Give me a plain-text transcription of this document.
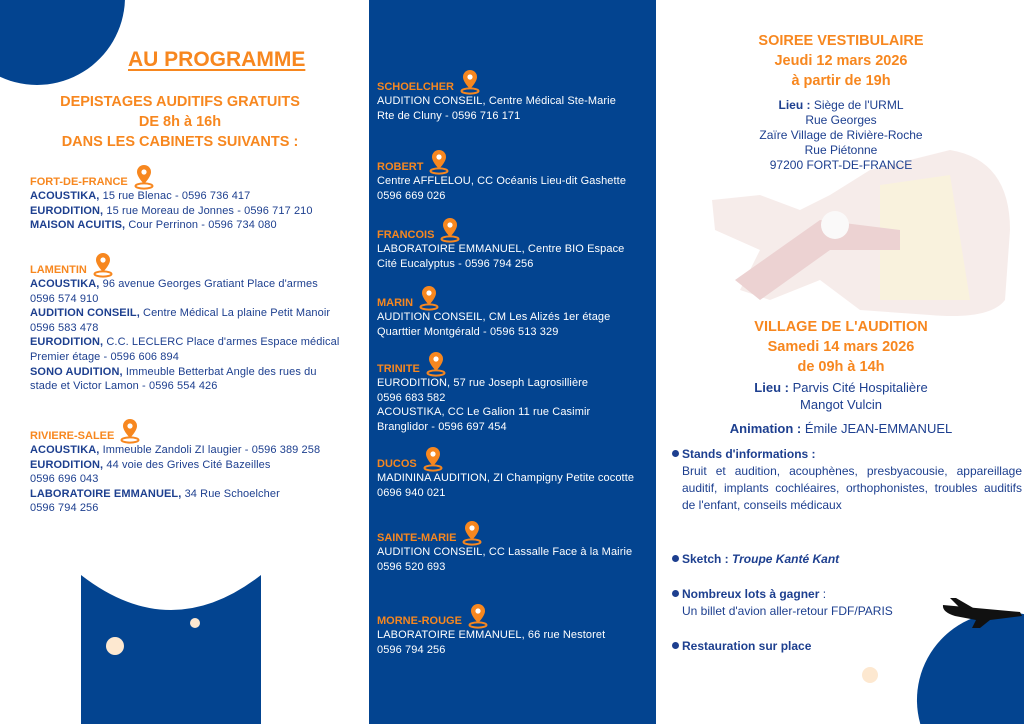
AU PROGRAMME
DEPISTAGES AUDITIFS GRATUITS
DE 8h à 16h
DANS LES CABINETS SUIVANTS :
FORT-DE-FRANCE
ACOUSTIKA, 15 rue Blenac - 0596 736 417
EURODITION, 15 rue Moreau de Jonnes - 0596 717 210
MAISON ACUITIS, Cour Perrinon - 0596 734 080
LAMENTIN
ACOUSTIKA, 96 avenue Georges Gratiant Place d'armes
0596 574 910
AUDITION CONSEIL, Centre Médical La plaine Petit Manoir
0596 583 478
EURODITION, C.C. LECLERC Place d'armes Espace médical
Premier étage - 0596 606 894
SONO AUDITION, Immeuble Betterbat Angle des rues du
stade et Victor Lamon - 0596 554 426
RIVIERE-SALEE
ACOUSTIKA, Immeuble Zandoli ZI laugier - 0596 389 258
EURODITION, 44 voie des Grives Cité Bazeilles
0596 696 043
LABORATOIRE EMMANUEL, 34 Rue Schoelcher
0596 794 256
SCHOELCHER
AUDITION CONSEIL, Centre Médical Ste-Marie
Rte de Cluny - 0596 716 171
ROBERT
Centre AFFLELOU, CC Océanis Lieu-dit Gashette
0596 669 026
FRANCOIS
LABORATOIRE EMMANUEL, Centre BIO Espace
Cité Eucalyptus - 0596 794 256
MARIN
AUDITION CONSEIL, CM Les Alizés 1er étage
Quarttier Montgérald - 0596 513 329
TRINITE
EURODITION, 57 rue Joseph Lagrosillière
0596 683 582
ACOUSTIKA, CC Le Galion 11 rue Casimir
Branglidor - 0596 697 454
DUCOS
MADININA AUDITION, ZI Champigny Petite cocotte
0696 940 021
SAINTE-MARIE
AUDITION CONSEIL, CC Lassalle Face à la Mairie
0596 520 693
MORNE-ROUGE
LABORATOIRE EMMANUEL, 66 rue Nestoret
0596 794 256
SOIREE VESTIBULAIRE
Jeudi 12 mars 2026
à partir de 19h
Lieu : Siège de l'URML
Rue Georges
Zaïre Village de Rivière-Roche
Rue Piétonne
97200 FORT-DE-FRANCE
VILLAGE DE L'AUDITION
Samedi 14 mars 2026
de 09h à 14h
Lieu : Parvis Cité Hospitalière
Mangot Vulcin
Animation : Émile JEAN-EMMANUEL
Stands d'informations :
Bruit et audition, acouphènes, presbyacousie, appareillage auditif, implants cochléaires, orthophonistes, troubles auditifs de l'enfant, conseils médicaux
Sketch : Troupe Kanté Kant
Nombreux lots à gagner :
Un billet d'avion aller-retour FDF/PARIS
Restauration sur place
